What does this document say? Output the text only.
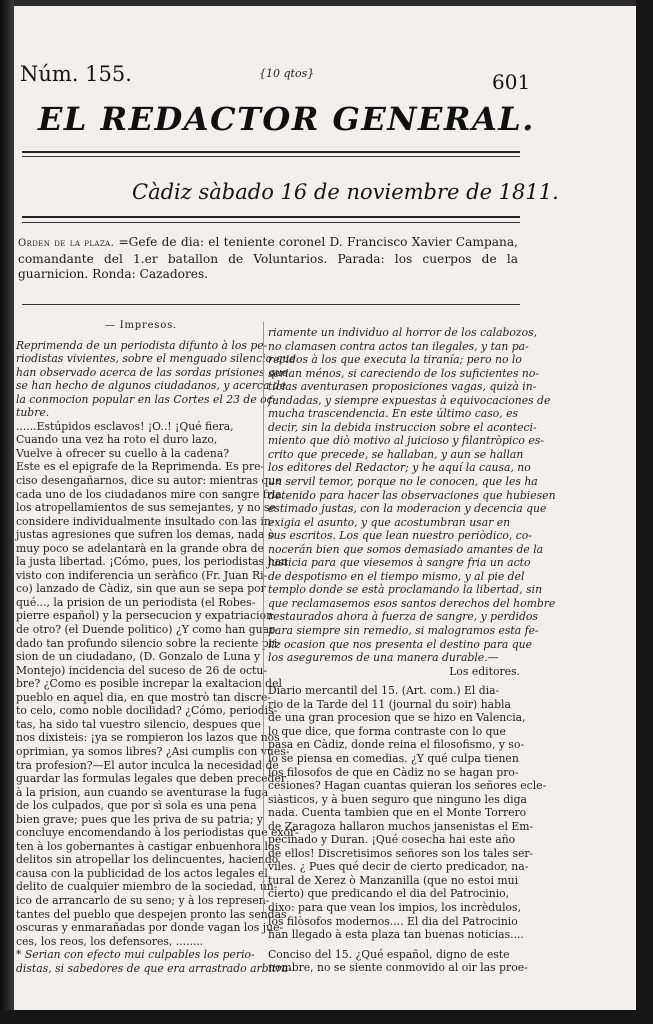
Núm. 155.	{10 qtos}	601
EL REDACTOR GENERAL.
Càdiz sàbado 16 de noviembre de 1811.
Orden de la plaza. =Gefe de dia: el teniente coronel D. Francisco Xavier Campana, comandante del 1.er batallon de Voluntarios. Parada: los cuerpos de la guarnicion. Ronda: Cazadores.

— Impresos.

Reprimenda de un periodista difunto à los pe-

riodistas vivientes, sobre el menguado silencio que

han observado acerca de las sordas prisiones que

se han hecho de algunos ciudadanos, y acerca de

la conmocion popular en las Cortes el 23 de oc-

tubre.

......Estúpidos esclavos! ¡O..! ¡Qué fiera,

Cuando una vez ha roto el duro lazo,

Vuelve à ofrecer su cuello à la cadena?

Este es el epigrafe de la Reprimenda. Es pre-

ciso desengañarnos, dice su autor: mientras que

cada uno de los ciudadanos mire con sangre fria

los atropellamientos de sus semejantes, y no se

considere individualmente insultado con las in-

justas agresiones que sufren los demas, nada ò

muy poco se adelantarà en la grande obra de

la justa libertad. ¡Cómo, pues, los periodistas han

visto con indiferencia un seràfico (Fr. Juan Ri-

co) lanzado de Càdiz, sin que aun se sepa por

qué..., la prision de un periodista (el Robes-

pierre español) y la persecucion y expatriacion

de otro? (el Duende politico) ¿Y como han guar-

dado tan profundo silencio sobre la reciente pri-

sion de un ciudadano, (D. Gonzalo de Luna y

Montejo) incidencia del suceso de 26 de octu-

bre? ¿Como es posible increpar la exaltacion del

pueblo en aquel dia, en que mostrò tan discre-

to celo, como noble docilidad? ¿Cómo, periodis-

tas, ha sido tal vuestro silencio, despues que

nos dixisteis: ¡ya se rompieron los lazos que nos

oprimian, ya somos libres? ¿Asi cumplis con vues-

tra profesion?—El autor inculca la necesidad de

guardar las formulas legales que deben preceder

à la prision, aun cuando se aventurase la fuga

de los culpados, que por sì sola es una pena

bien grave; pues que les priva de su patria; y

concluye encomendando à los periodistas que exòr-

ten à los gobernantes à castigar enbuenhora los

delitos sin atropellar los delincuentes, haciendo

causa con la publicidad de los actos legales el

delito de cualquier miembro de la sociedad, ún-

ico de arrancarlo de su seno; y à los represen-

tantes del pueblo que despejen pronto las sendas

oscuras y enmarañadas por donde vagan los jue-

ces, los reos, los defensores, ........

* Serian con efecto mui culpables los perio-

distas, si sabedores de que era arrastrado arbitra-

riamente un individuo al horror de los calabozos,

no clamasen contra actos tan ilegales, y tan pa-

recidos à los que executa la tiranía; pero no lo

serian ménos, si careciendo de los suficientes no-

ticias aventurasen proposiciones vagas, quizà in-

fundadas, y siempre expuestas à equivocaciones de

mucha trascendencia. En este último caso, es

decir, sin la debida instruccion sobre el aconteci-

miento que diò motivo al juicioso y filantròpico es-

crito que precede, se hallaban, y aun se hallan

los editores del Redactor; y he aquí la causa, no

un servil temor, porque no le conocen, que les ha

detenido para hacer las observaciones que hubiesen

estimado justas, con la moderacion y decencia que

exigia el asunto, y que acostumbran usar en

sus escritos. Los que lean nuestro periòdico, co-

nocerán bien que somos demasiado amantes de la

justicia para que viesemos à sangre fria un acto

de despotismo en el tiempo mismo, y al pie del

templo donde se està proclamando la libertad, sin

que reclamasemos esos santos derechos del hombre

restaurados ahora à fuerza de sangre, y perdidos

para siempre sin remedio, si malogramos esta fe-

liz ocasion que nos presenta el destino para que

los aseguremos de una manera durable.—

Los editores.

Diario mercantil del 15. (Art. com.) El dia-

rio de la Tarde del 11 (journal du soir) habla

de una gran procesion que se hizo en Valencia,

lo que dice, que forma contraste con lo que

pasa en Càdiz, donde reina el filosofismo, y so-

lo se piensa en comedias. ¿Y qué culpa tienen

los filosofos de que en Càdiz no se hagan pro-

cesiones? Hagan cuantas quieran los señores ecle-

siàsticos, y à buen seguro que ninguno les diga

nada. Cuenta tambien que en el Monte Torrero

de Zaragoza hallaron muchos jansenistas el Em-

pecinado y Duran. ¡Qué cosecha hai este año

de ellos! Discretisimos señores son los tales ser-

viles. ¿ Pues qué decir de cierto predicador, na-

tural de Xerez ò Manzanilla (que no estoi mui

cierto) que predicando el dia del Patrocinio,

dixo: para que vean los impios, los incrèdulos,

los filòsofos modernos.... El dia del Patrocinio

han llegado à esta plaza tan buenas noticias....

Conciso del 15. ¿Qué español, digno de este

nombre, no se siente conmovido al oir las proe-
